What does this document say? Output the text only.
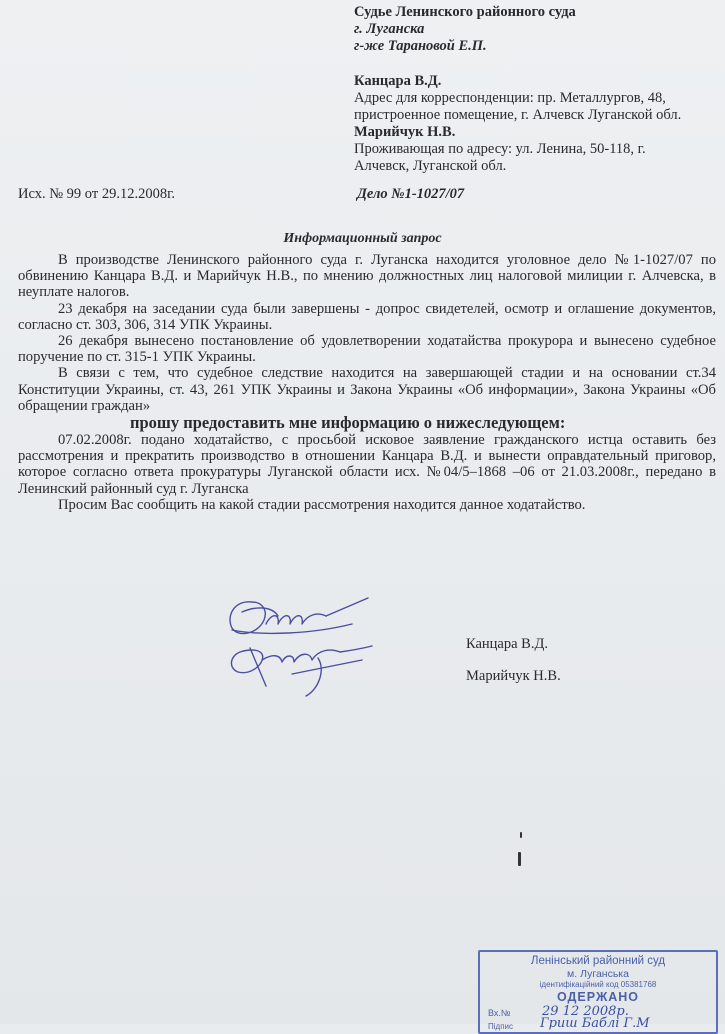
Судье Ленинского районного суда
г. Луганска
г-же Тарановой Е.П.
Канцара В.Д.
Адрес для корреспонденции: пр. Металлургов, 48,
пристроенное помещение, г. Алчевск Луганской обл.
Марийчук Н.В.
Проживающая по адресу: ул. Ленина, 50-118, г.
Алчевск, Луганской обл.
Исх. № 99 от 29.12.2008г.	Дело №1-1027/07
Информационный запрос

В производстве Ленинского районного суда г. Луганска находится уголовное дело №1-1027/07 по обвинению Канцара В.Д. и Марийчук Н.В., по мнению должностных лиц налоговой милиции г. Алчевска, в неуплате налогов.

23 декабря на заседании суда были завершены - допрос свидетелей, осмотр и оглашение документов, согласно ст. 303, 306, 314 УПК Украины.

26 декабря вынесено постановление об удовлетворении ходатайства прокурора и вынесено судебное поручение по ст. 315-1 УПК Украины.

В связи с тем, что судебное следствие находится на завершающей стадии и на основании ст.34 Конституции Украины, ст. 43, 261 УПК Украины и Закона Украины «Об информации», Закона Украины «Об обращении граждан»

прошу предоставить мне информацию о нижеследующем:

07.02.2008г. подано ходатайство, с просьбой исковое заявление гражданского истца оставить без рассмотрения и прекратить производство в отношении Канцара В.Д. и вынести оправдательный приговор, которое согласно ответа прокуратуры Луганской области исх. №04/5–1868 –06 от 21.03.2008г., передано в Ленинский районный суд г. Луганска

Просим Вас сообщить на какой стадии рассмотрения находится данное ходатайство.

Канцара В.Д.
Марийчук Н.В.
Ленінський районний суд
м. Луганська
ідентифікаційний код 05381768
ОДЕРЖАНО
Вх.№ 29 12 2008р.
Підпис Гриш Баблі Г.М
